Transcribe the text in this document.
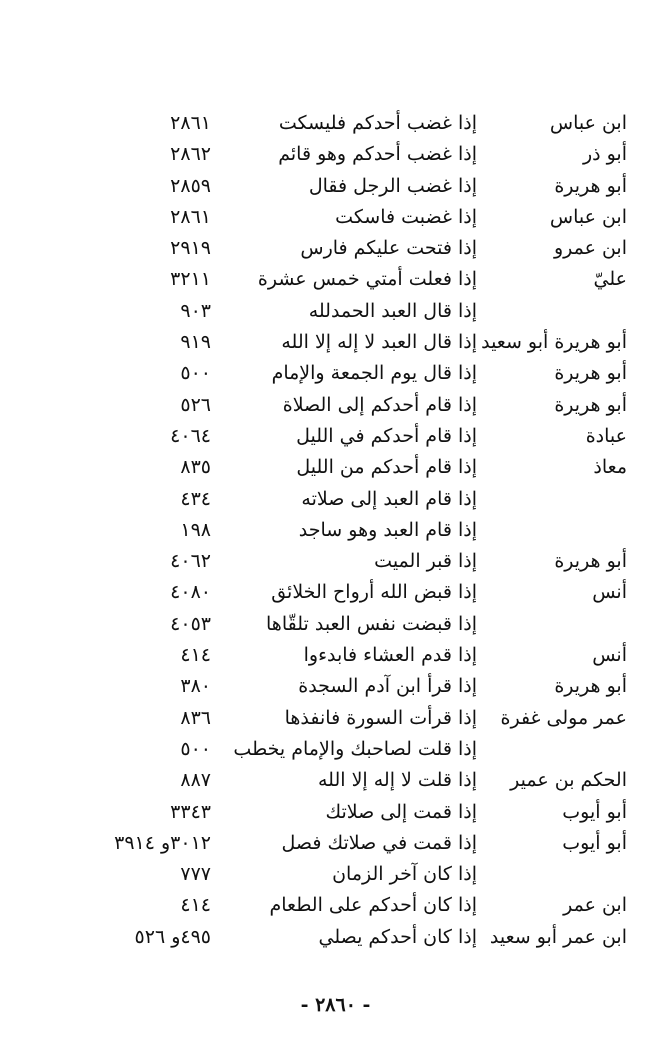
ابن عباس
إذا غضب أحدكم فليسكت
٢٨٦١
أبو ذر
إذا غضب أحدكم وهو قائم
٢٨٦٢
أبو هريرة
إذا غضب الرجل فقال
٢٨٥٩
ابن عباس
إذا غضبت فاسكت
٢٨٦١
ابن عمرو
إذا فتحت عليكم فارس
٢٩١٩
عليّ
إذا فعلت أمتي خمس عشرة
٣٢١١
إذا قال العبد الحمدلله
٩٠٣
أبو هريرة أبو سعيد
إذا قال العبد لا إله إلا الله
٩١٩
أبو هريرة
إذا قال يوم الجمعة والإمام
٥٠٠
أبو هريرة
إذا قام أحدكم إلى الصلاة
٥٢٦
عبادة
إذا قام أحدكم في الليل
٤٠٦٤
معاذ
إذا قام أحدكم من الليل
٨٣٥
إذا قام العبد إلى صلاته
٤٣٤
إذا قام العبد وهو ساجد
١٩٨
أبو هريرة
إذا قبر الميت
٤٠٦٢
أنس
إذا قبض الله أرواح الخلائق
٤٠٨٠
إذا قبضت نفس العبد تلقّاها
٤٠٥٣
أنس
إذا قدم العشاء فابدءوا
٤١٤
أبو هريرة
إذا قرأ ابن آدم السجدة
٣٨٠
عمر مولى غفرة
إذا قرأت السورة فانفذها
٨٣٦
إذا قلت لصاحبك والإمام يخطب
٥٠٠
الحكم بن عمير
إذا قلت لا إله إلا الله
٨٨٧
أبو أيوب
إذا قمت إلى صلاتك
٣٣٤٣
أبو أيوب
إذا قمت في صلاتك فصل
٣٠١٢و ٣٩١٤
إذا كان آخر الزمان
٧٧٧
ابن عمر
إذا كان أحدكم على الطعام
٤١٤
ابن عمر أبو سعيد
إذا كان أحدكم يصلي
٤٩٥و ٥٢٦
- ٢٨٦٠ -
